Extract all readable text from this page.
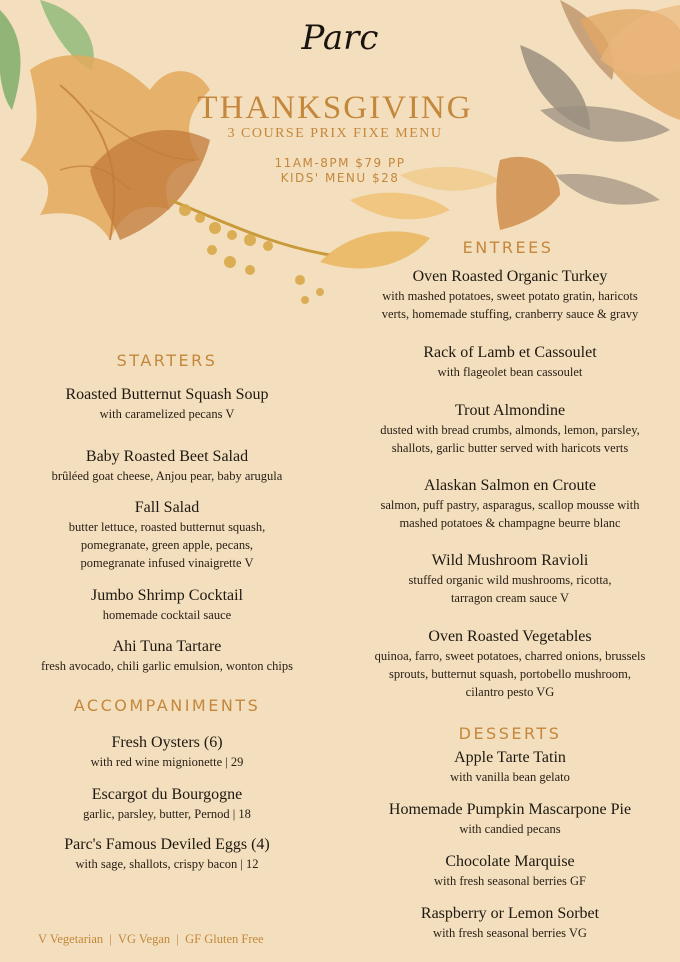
Parc
THANKSGIVING
3 COURSE PRIX FIXE MENU
11AM-8PM $79 PP
KIDS' MENU $28
STARTERS
Roasted Butternut Squash Soup
with caramelized pecans V
Baby Roasted Beet Salad
brûléed goat cheese, Anjou pear, baby arugula
Fall Salad
butter lettuce, roasted butternut squash,
pomegranate, green apple, pecans,
pomegranate infused vinaigrette V
Jumbo Shrimp Cocktail
homemade cocktail sauce
Ahi Tuna Tartare
fresh avocado, chili garlic emulsion, wonton chips
ACCOMPANIMENTS
Fresh Oysters (6)
with red wine mignionette | 29
Escargot du Bourgogne
garlic, parsley, butter, Pernod | 18
Parc's Famous Deviled Eggs (4)
with sage, shallots, crispy bacon | 12
ENTREES
Oven Roasted Organic Turkey
with mashed potatoes, sweet potato gratin, haricots
verts, homemade stuffing, cranberry sauce & gravy
Rack of Lamb et Cassoulet
with flageolet bean cassoulet
Trout Almondine
dusted with bread crumbs, almonds, lemon, parsley,
shallots, garlic butter served with haricots verts
Alaskan Salmon en Croute
salmon, puff pastry, asparagus, scallop mousse with
mashed potatoes & champagne beurre blanc
Wild Mushroom Ravioli
stuffed organic wild mushrooms, ricotta,
tarragon cream sauce V
Oven Roasted Vegetables
quinoa, farro, sweet potatoes, charred onions, brussels
sprouts, butternut squash, portobello mushroom,
cilantro pesto VG
DESSERTS
Apple Tarte Tatin
with vanilla bean gelato
Homemade Pumpkin Mascarpone Pie
with candied pecans
Chocolate Marquise
with fresh seasonal berries GF
Raspberry or Lemon Sorbet
with fresh seasonal berries VG
V Vegetarian  |  VG Vegan  |  GF Gluten Free
